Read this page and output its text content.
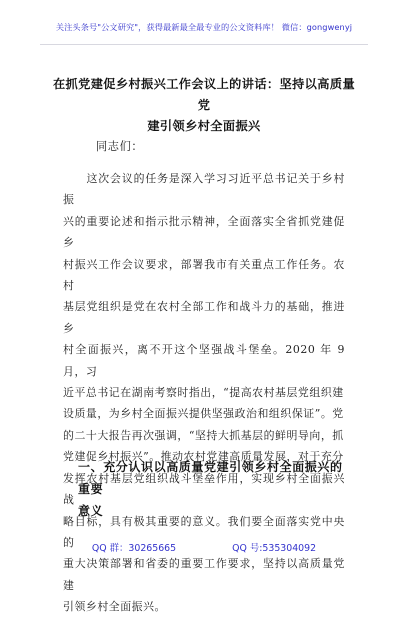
关注头条号"公文研究"，获得最新最全最专业的公文资料库！ 微信：gongwenyj
在抓党建促乡村振兴工作会议上的讲话：坚持以高质量党
建引领乡村全面振兴
同志们：
　　这次会议的任务是深入学习习近平总书记关于乡村振
兴的重要论述和指示批示精神，全面落实全省抓党建促乡
村振兴工作会议要求，部署我市有关重点工作任务。农村
基层党组织是党在农村全部工作和战斗力的基础，推进乡
村全面振兴，离不开这个坚强战斗堡垒。2020 年 9 月，习
近平总书记在湖南考察时指出，“提高农村基层党组织建
设质量，为乡村全面振兴提供坚强政治和组织保证”。党
的二十大报告再次强调，“坚持大抓基层的鲜明导向，抓
党建促乡村振兴”。推动农村党建高质量发展，对于充分
发挥农村基层党组织战斗堡垒作用，实现乡村全面振兴战
略目标，具有极其重要的意义。我们要全面落实党中央的
重大决策部署和省委的重要工作要求，坚持以高质量党建
引领乡村全面振兴。
一、充分认识以高质量党建引领乡村全面振兴的重要
意义
QQ 群：30265665	QQ 号:535304092
